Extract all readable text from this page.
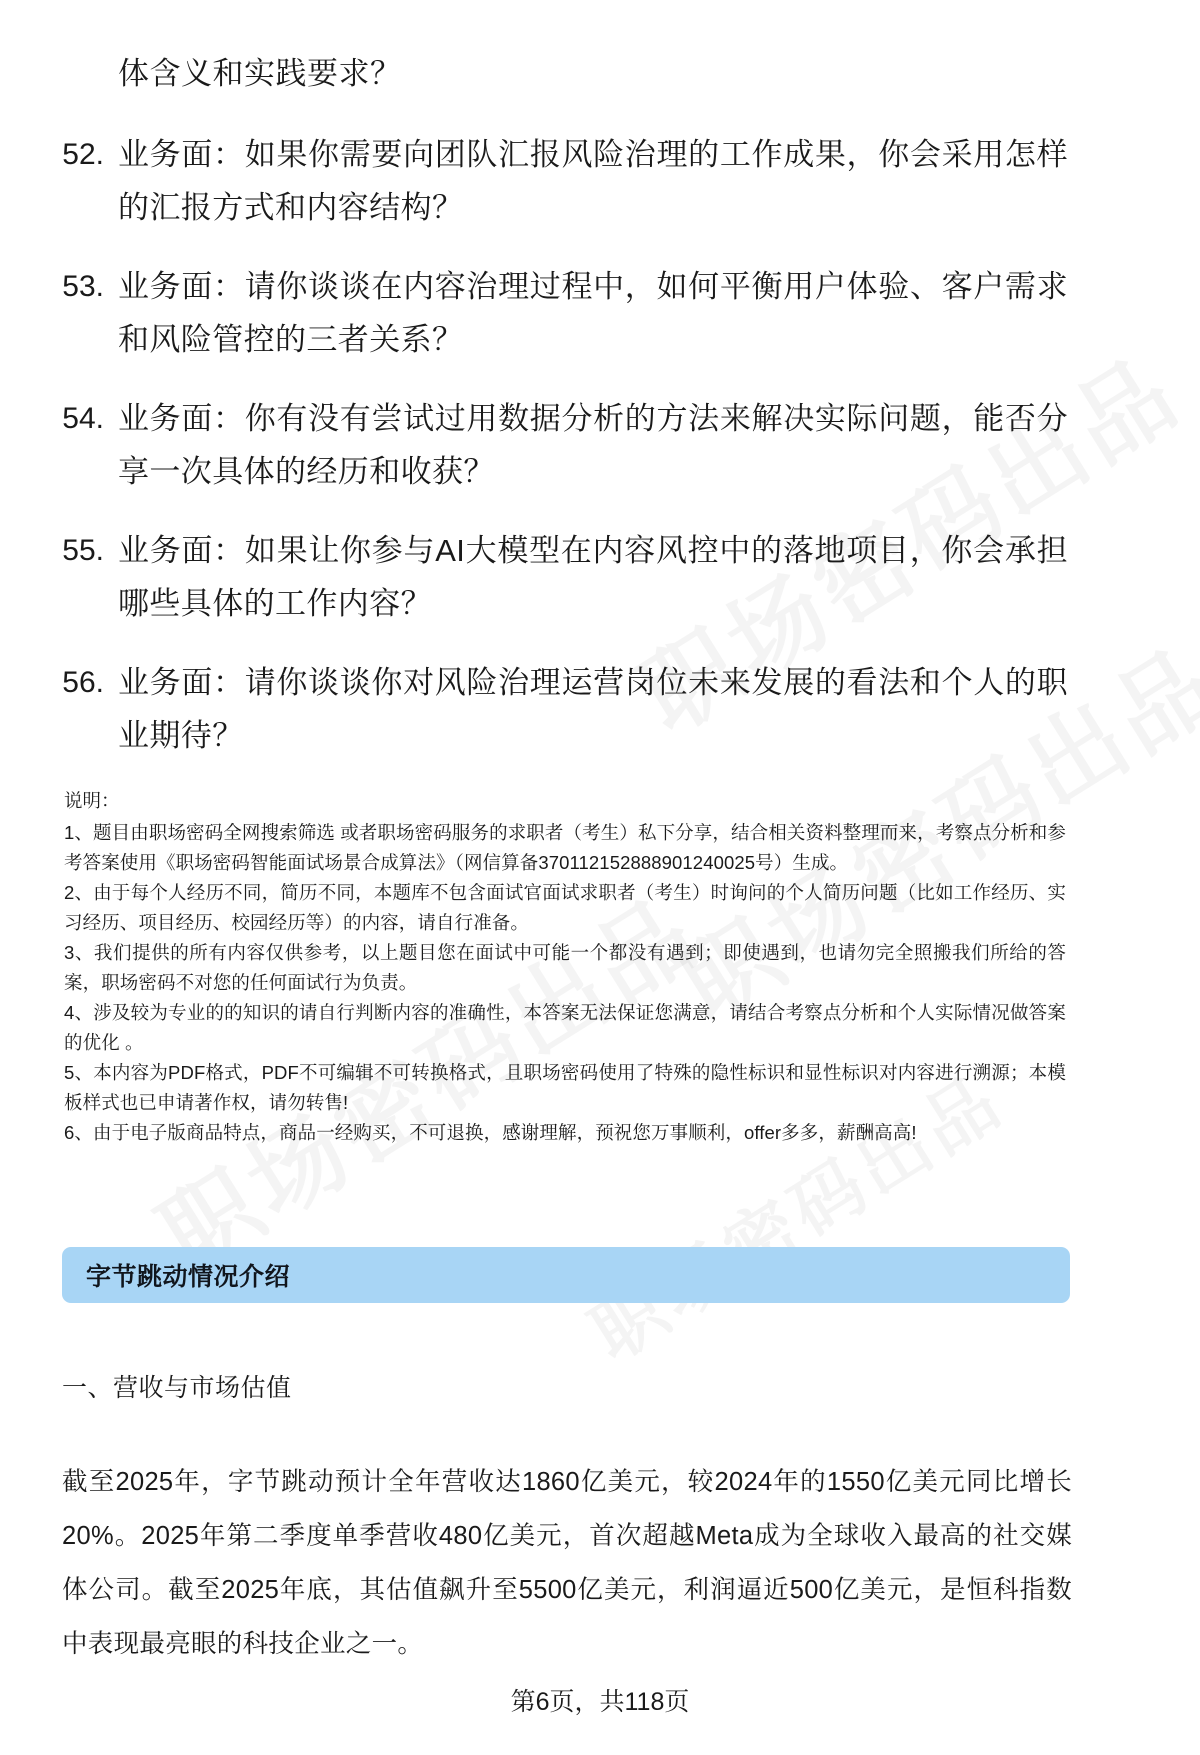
体含义和实践要求？
52. 业务面：如果你需要向团队汇报风险治理的工作成果，你会采用怎样的汇报方式和内容结构？
53. 业务面：请你谈谈在内容治理过程中，如何平衡用户体验、客户需求和风险管控的三者关系？
54. 业务面：你有没有尝试过用数据分析的方法来解决实际问题，能否分享一次具体的经历和收获？
55. 业务面：如果让你参与AI大模型在内容风控中的落地项目，你会承担哪些具体的工作内容？
56. 业务面：请你谈谈你对风险治理运营岗位未来发展的看法和个人的职业期待？
说明：
1、题目由职场密码全网搜索筛选 或者职场密码服务的求职者（考生）私下分享，结合相关资料整理而来，考察点分析和参考答案使用《职场密码智能面试场景合成算法》（网信算备370112152888901240025号）生成。
2、由于每个人经历不同，简历不同，本题库不包含面试官面试求职者（考生）时询问的个人简历问题（比如工作经历、实习经历、项目经历、校园经历等）的内容，请自行准备。
3、我们提供的所有内容仅供参考，以上题目您在面试中可能一个都没有遇到；即使遇到，也请勿完全照搬我们所给的答案，职场密码不对您的任何面试行为负责。
4、涉及较为专业的的知识的请自行判断内容的准确性，本答案无法保证您满意，请结合考察点分析和个人实际情况做答案的优化 。
5、本内容为PDF格式，PDF不可编辑不可转换格式，且职场密码使用了特殊的隐性标识和显性标识对内容进行溯源；本模板样式也已申请著作权，请勿转售!
6、由于电子版商品特点，商品一经购买，不可退换，感谢理解，预祝您万事顺利，offer多多，薪酬高高!
字节跳动情况介绍
一、营收与市场估值
截至2025年，字节跳动预计全年营收达1860亿美元，较2024年的1550亿美元同比增长20%。2025年第二季度单季营收480亿美元，首次超越Meta成为全球收入最高的社交媒体公司。截至2025年底，其估值飙升至5500亿美元，利润逼近500亿美元，是恒科指数中表现最亮眼的科技企业之一。
第6页，共118页
